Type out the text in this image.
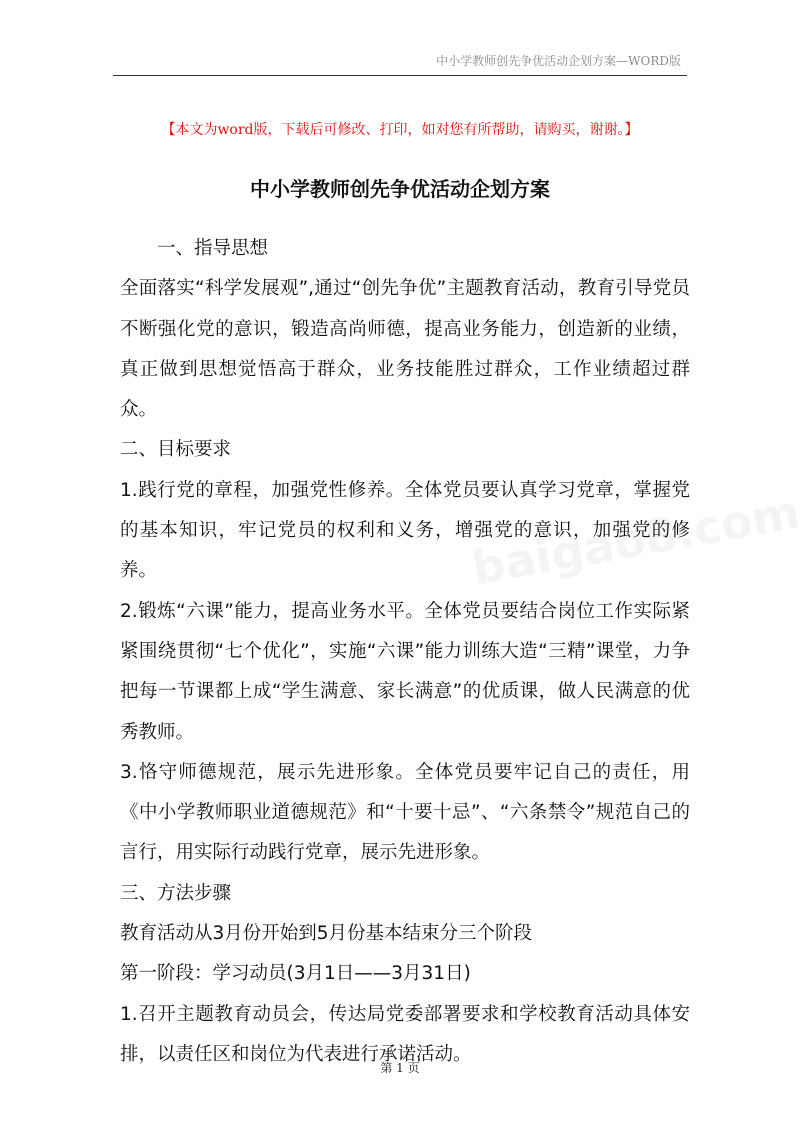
中小学教师创先争优活动企划方案—WORD版
【本文为word版，下载后可修改、打印，如对您有所帮助，请购买，谢谢。】
中小学教师创先争优活动企划方案

一、指导思想

全面落实“科学发展观”,通过“创先争优”主题教育活动，教育引导党员不断强化党的意识，锻造高尚师德，提高业务能力，创造新的业绩，真正做到思想觉悟高于群众，业务技能胜过群众，工作业绩超过群众。

二、目标要求

1.践行党的章程，加强党性修养。全体党员要认真学习党章，掌握党的基本知识，牢记党员的权利和义务，增强党的意识，加强党的修养。

2.锻炼“六课”能力，提高业务水平。全体党员要结合岗位工作实际紧紧围绕贯彻“七个优化”，实施“六课”能力训练大造“三精”课堂，力争把每一节课都上成“学生满意、家长满意”的优质课，做人民满意的优秀教师。

3.恪守师德规范，展示先进形象。全体党员要牢记自己的责任，用《中小学教师职业道德规范》和“十要十忌”、“六条禁令”规范自己的言行，用实际行动践行党章，展示先进形象。

三、方法步骤

教育活动从3月份开始到5月份基本结束分三个阶段

第一阶段：学习动员(3月1日——3月31日)

1.召开主题教育动员会，传达局党委部署要求和学校教育活动具体安排，以责任区和岗位为代表进行承诺活动。

第 1 页
